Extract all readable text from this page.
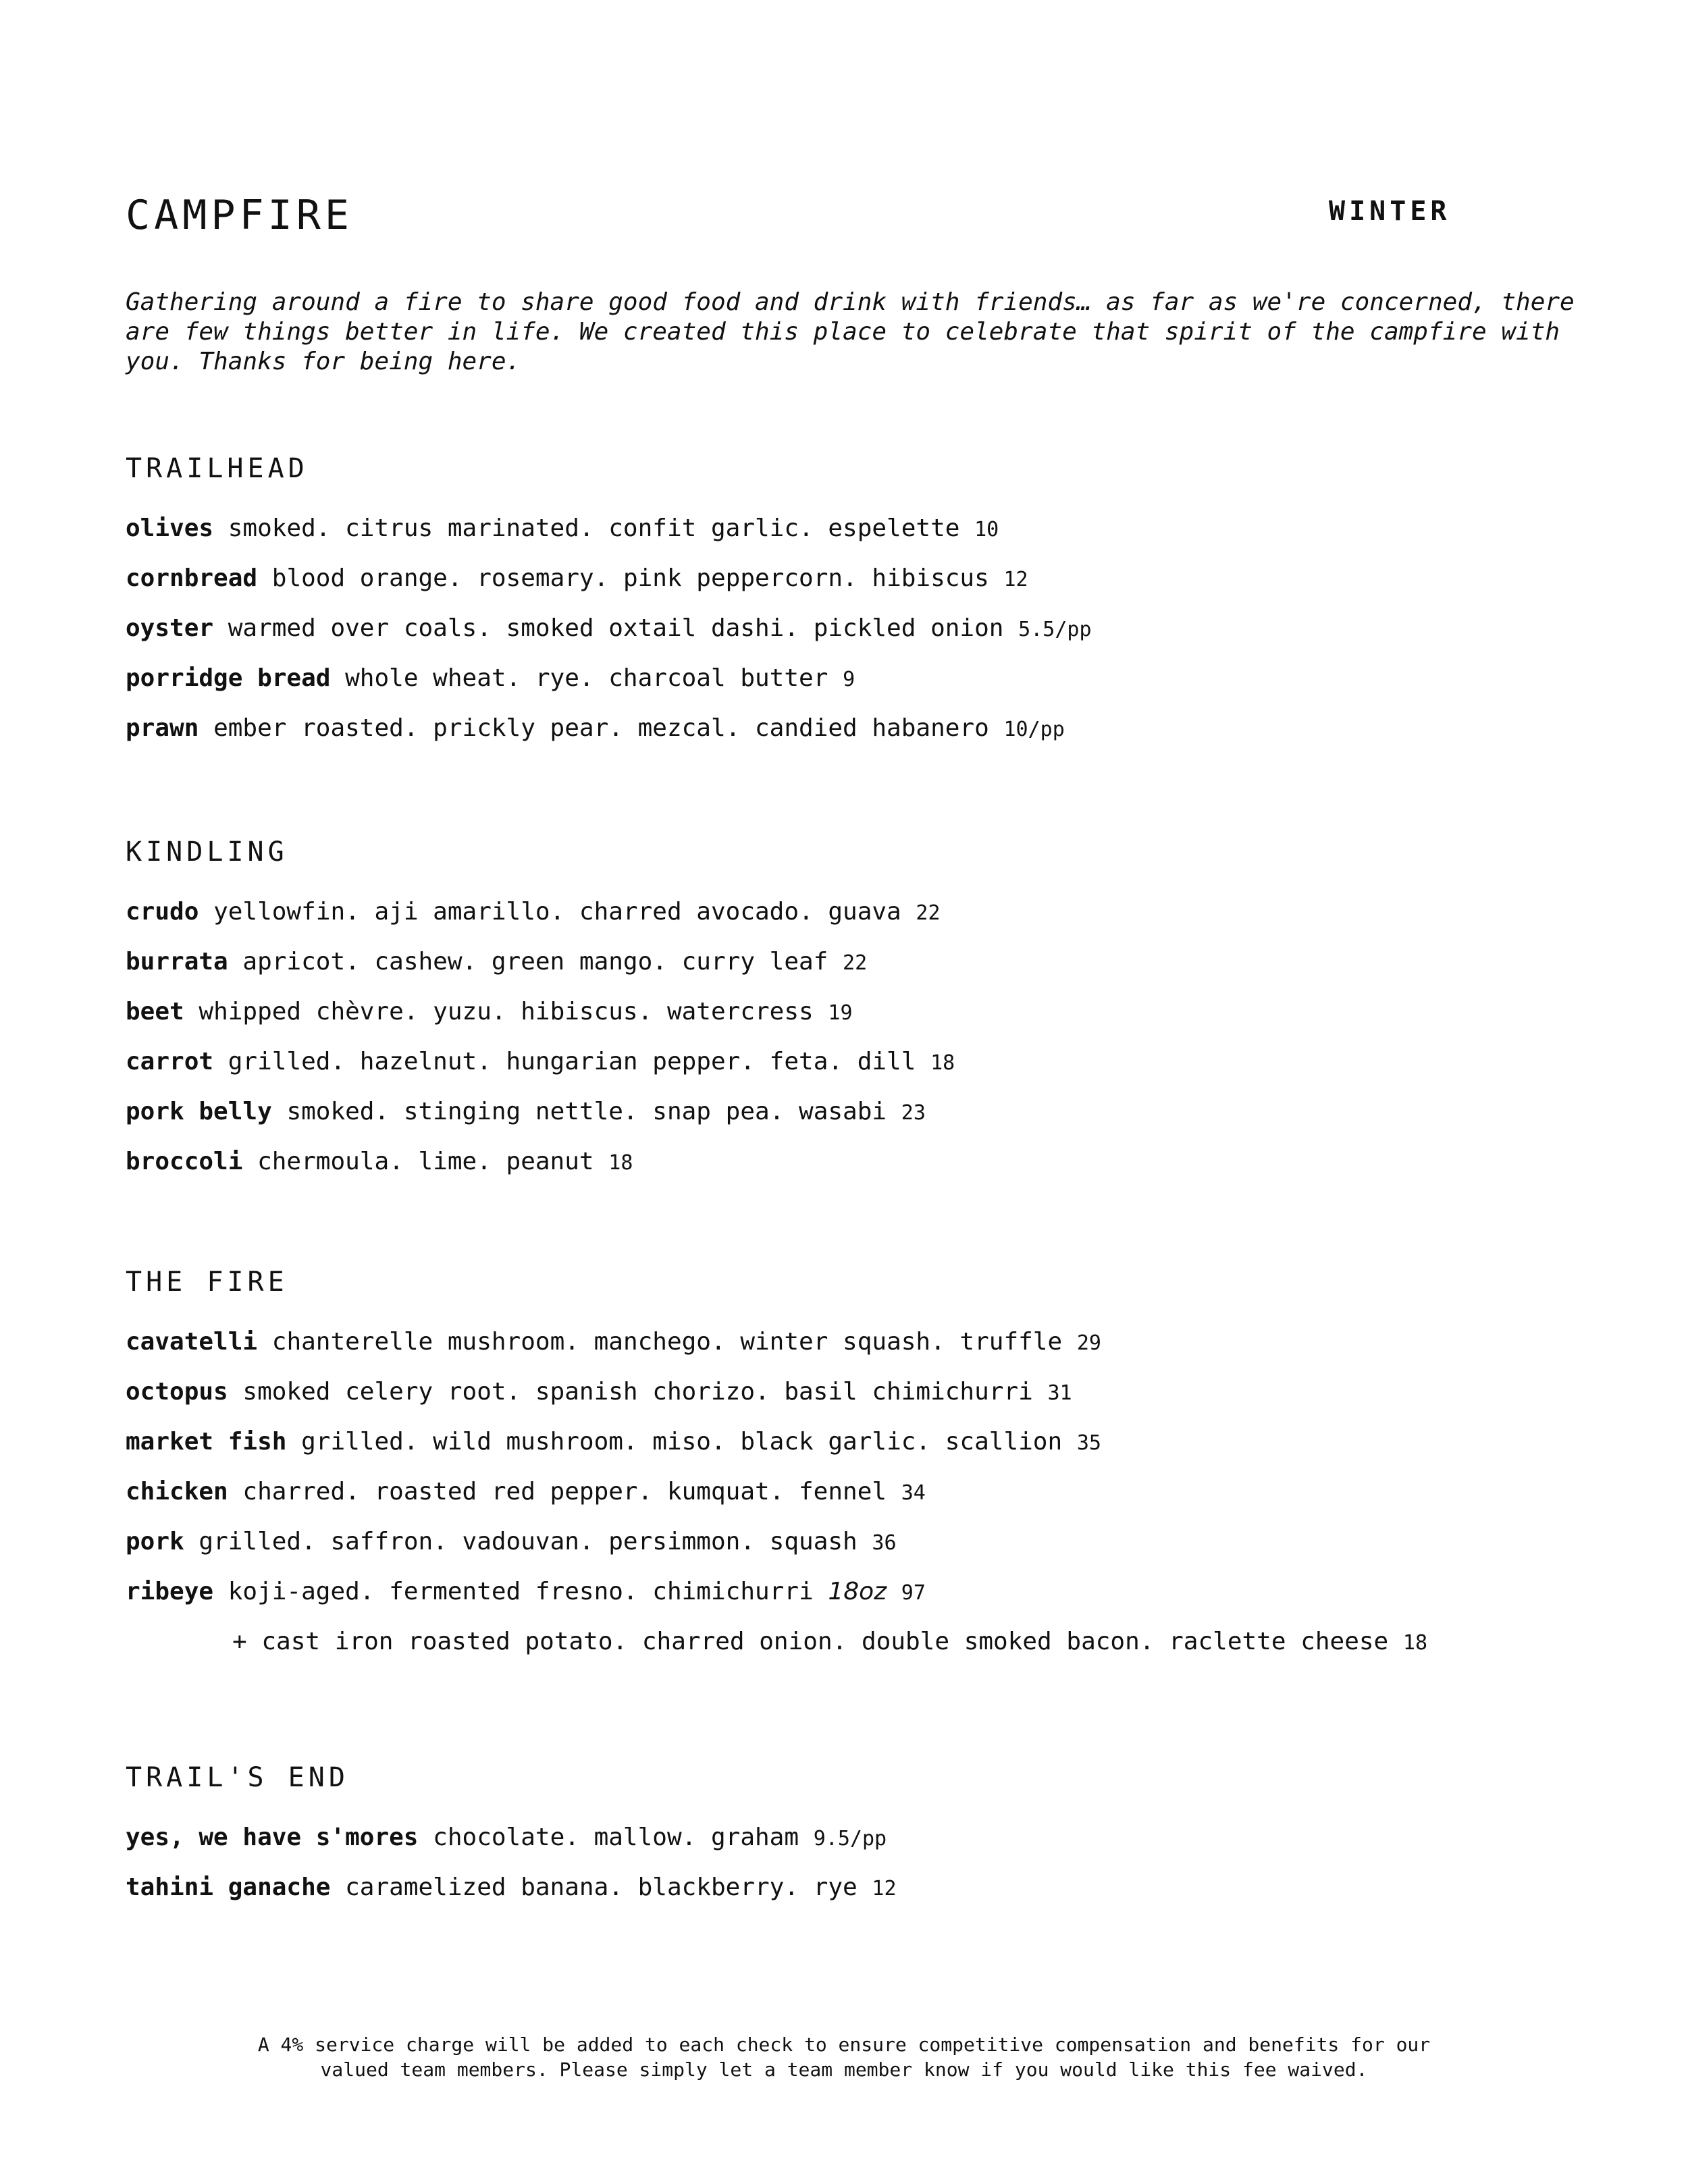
CAMPFIRE	WINTER

Gathering around a fire to share good food and drink with friends… as far as we're concerned, there are few things better in life. We created this place to celebrate that spirit of the campfire with you. Thanks for being here.

TRAILHEAD
olives smoked. citrus marinated. confit garlic. espelette 10
cornbread blood orange. rosemary. pink peppercorn. hibiscus 12
oyster warmed over coals. smoked oxtail dashi. pickled onion 5.5/pp
porridge bread whole wheat. rye. charcoal butter 9
prawn ember roasted. prickly pear. mezcal. candied habanero 10/pp
KINDLING
crudo yellowfin. aji amarillo. charred avocado. guava 22
burrata apricot. cashew. green mango. curry leaf 22
beet whipped chèvre. yuzu. hibiscus. watercress 19
carrot grilled. hazelnut. hungarian pepper. feta. dill 18
pork belly smoked. stinging nettle. snap pea. wasabi 23
broccoli chermoula. lime. peanut 18
THE FIRE
cavatelli chanterelle mushroom. manchego. winter squash. truffle 29
octopus smoked celery root. spanish chorizo. basil chimichurri 31
market fish grilled. wild mushroom. miso. black garlic. scallion 35
chicken charred. roasted red pepper. kumquat. fennel 34
pork grilled. saffron. vadouvan. persimmon. squash 36
ribeye koji-aged. fermented fresno. chimichurri 18oz 97
+ cast iron roasted potato. charred onion. double smoked bacon. raclette cheese 18
TRAIL'S END
yes, we have s'mores chocolate. mallow. graham 9.5/pp
tahini ganache caramelized banana. blackberry. rye 12

A 4% service charge will be added to each check to ensure competitive compensation and benefits for our
valued team members. Please simply let a team member know if you would like this fee waived.
